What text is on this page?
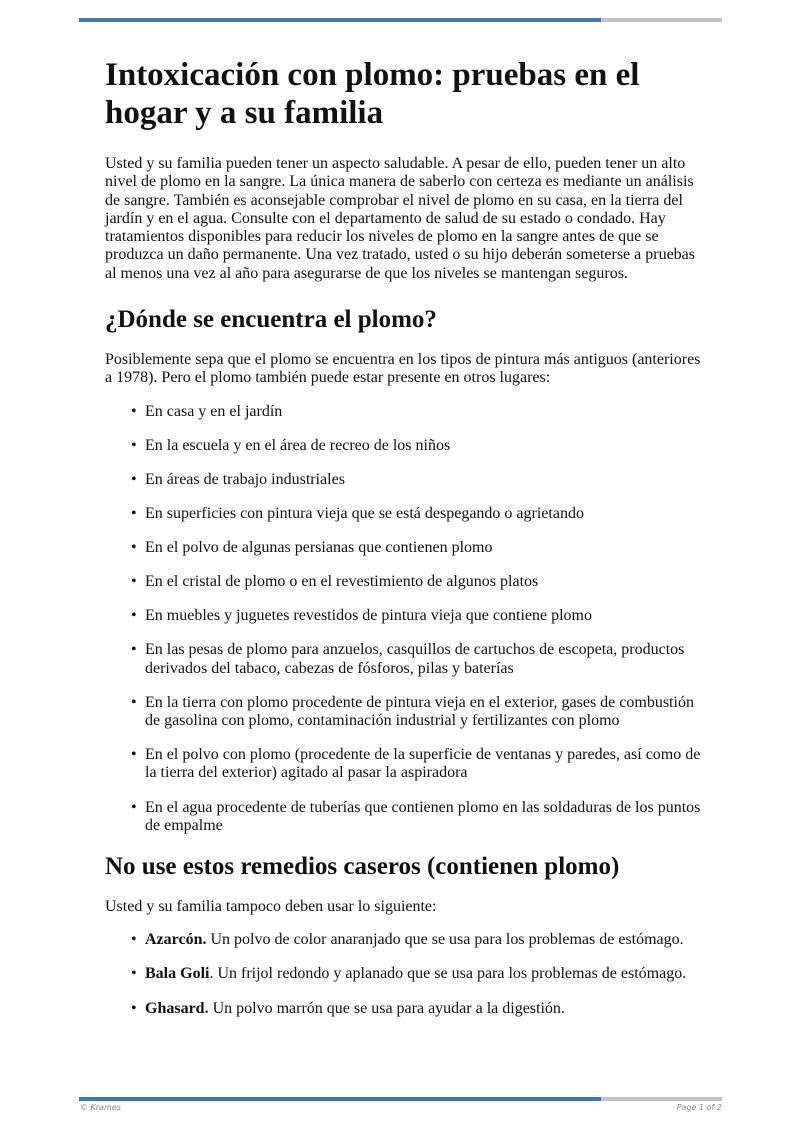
Intoxicación con plomo: pruebas en el hogar y a su familia

Usted y su familia pueden tener un aspecto saludable. A pesar de ello, pueden tener un alto nivel de plomo en la sangre. La única manera de saberlo con certeza es mediante un análisis de sangre. También es aconsejable comprobar el nivel de plomo en su casa, en la tierra del jardín y en el agua. Consulte con el departamento de salud de su estado o condado. Hay tratamientos disponibles para reducir los niveles de plomo en la sangre antes de que se produzca un daño permanente. Una vez tratado, usted o su hijo deberán someterse a pruebas al menos una vez al año para asegurarse de que los niveles se mantengan seguros.

¿Dónde se encuentra el plomo?

Posiblemente sepa que el plomo se encuentra en los tipos de pintura más antiguos (anteriores a 1978). Pero el plomo también puede estar presente en otros lugares:

• En casa y en el jardín
• En la escuela y en el área de recreo de los niños
• En áreas de trabajo industriales
• En superficies con pintura vieja que se está despegando o agrietando
• En el polvo de algunas persianas que contienen plomo
• En el cristal de plomo o en el revestimiento de algunos platos
• En muebles y juguetes revestidos de pintura vieja que contiene plomo
• En las pesas de plomo para anzuelos, casquillos de cartuchos de escopeta, productos derivados del tabaco, cabezas de fósforos, pilas y baterías
• En la tierra con plomo procedente de pintura vieja en el exterior, gases de combustión de gasolina con plomo, contaminación industrial y fertilizantes con plomo
• En el polvo con plomo (procedente de la superficie de ventanas y paredes, así como de la tierra del exterior) agitado al pasar la aspiradora
• En el agua procedente de tuberías que contienen plomo en las soldaduras de los puntos de empalme
No use estos remedios caseros (contienen plomo)

Usted y su familia tampoco deben usar lo siguiente:

• Azarcón. Un polvo de color anaranjado que se usa para los problemas de estómago.
• Bala Goli. Un frijol redondo y aplanado que se usa para los problemas de estómago.
• Ghasard. Un polvo marrón que se usa para ayudar a la digestión.
© Krames	Page 1 of 2
